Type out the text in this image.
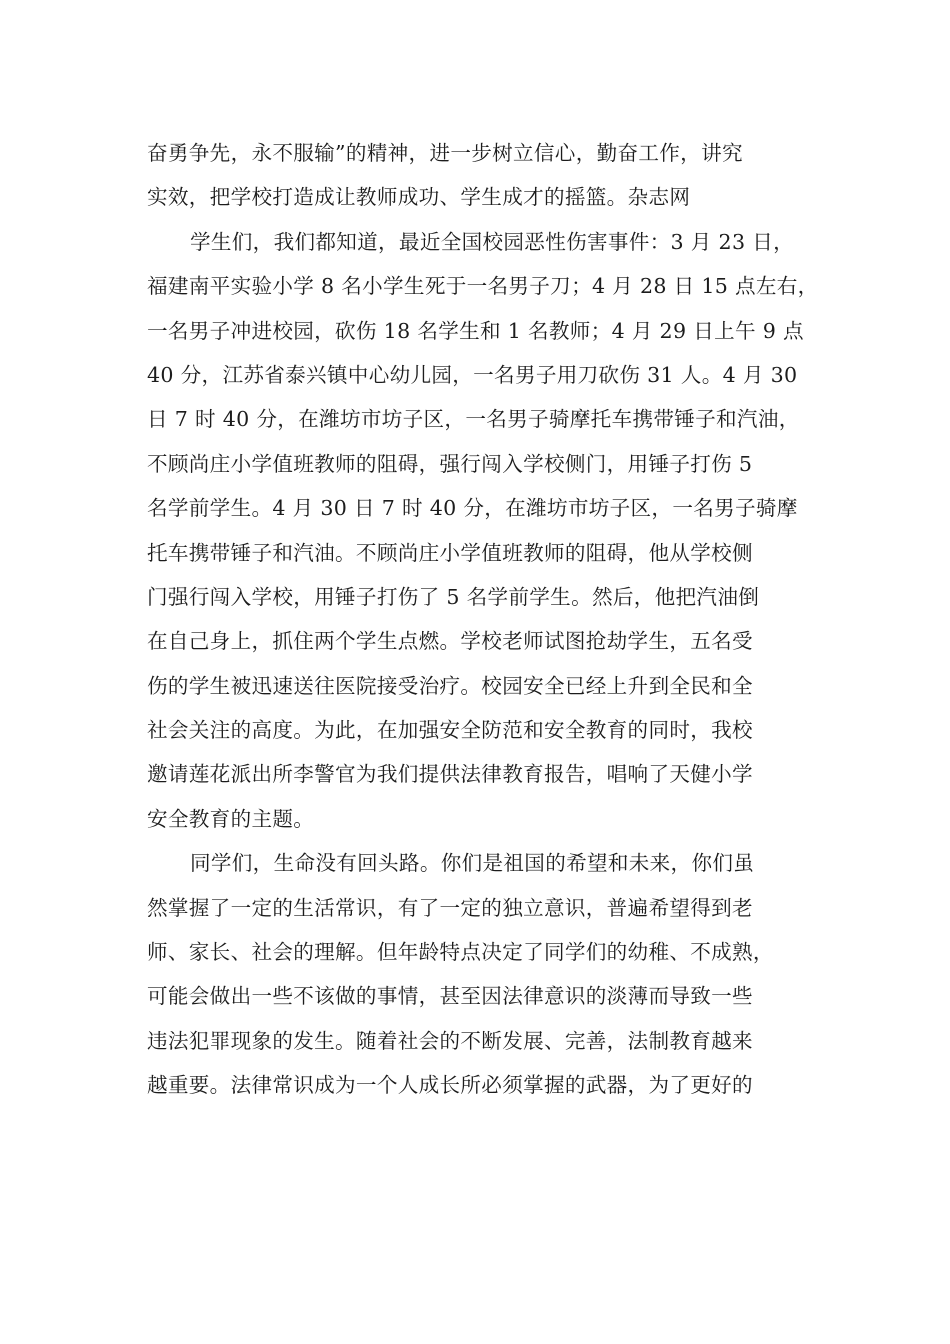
奋勇争先，永不服输”的精神，进一步树立信心，勤奋工作，讲究
实效，把学校打造成让教师成功、学生成才的摇篮。杂志网
学生们，我们都知道，最近全国校园恶性伤害事件：3 月 23 日，
福建南平实验小学 8 名小学生死于一名男子刀；4 月 28 日 15 点左右，
一名男子冲进校园，砍伤 18 名学生和 1 名教师；4 月 29 日上午 9 点
40 分，江苏省泰兴镇中心幼儿园，一名男子用刀砍伤 31 人。4 月 30
日 7 时 40 分，在潍坊市坊子区，一名男子骑摩托车携带锤子和汽油，
不顾尚庄小学值班教师的阻碍，强行闯入学校侧门，用锤子打伤 5
名学前学生。4 月 30 日 7 时 40 分，在潍坊市坊子区，一名男子骑摩
托车携带锤子和汽油。不顾尚庄小学值班教师的阻碍，他从学校侧
门强行闯入学校，用锤子打伤了 5 名学前学生。然后，他把汽油倒
在自己身上，抓住两个学生点燃。学校老师试图抢劫学生，五名受
伤的学生被迅速送往医院接受治疗。校园安全已经上升到全民和全
社会关注的高度。为此，在加强安全防范和安全教育的同时，我校
邀请莲花派出所李警官为我们提供法律教育报告，唱响了天健小学
安全教育的主题。
同学们，生命没有回头路。你们是祖国的希望和未来，你们虽
然掌握了一定的生活常识，有了一定的独立意识，普遍希望得到老
师、家长、社会的理解。但年龄特点决定了同学们的幼稚、不成熟，
可能会做出一些不该做的事情，甚至因法律意识的淡薄而导致一些
违法犯罪现象的发生。随着社会的不断发展、完善，法制教育越来
越重要。法律常识成为一个人成长所必须掌握的武器，为了更好的
